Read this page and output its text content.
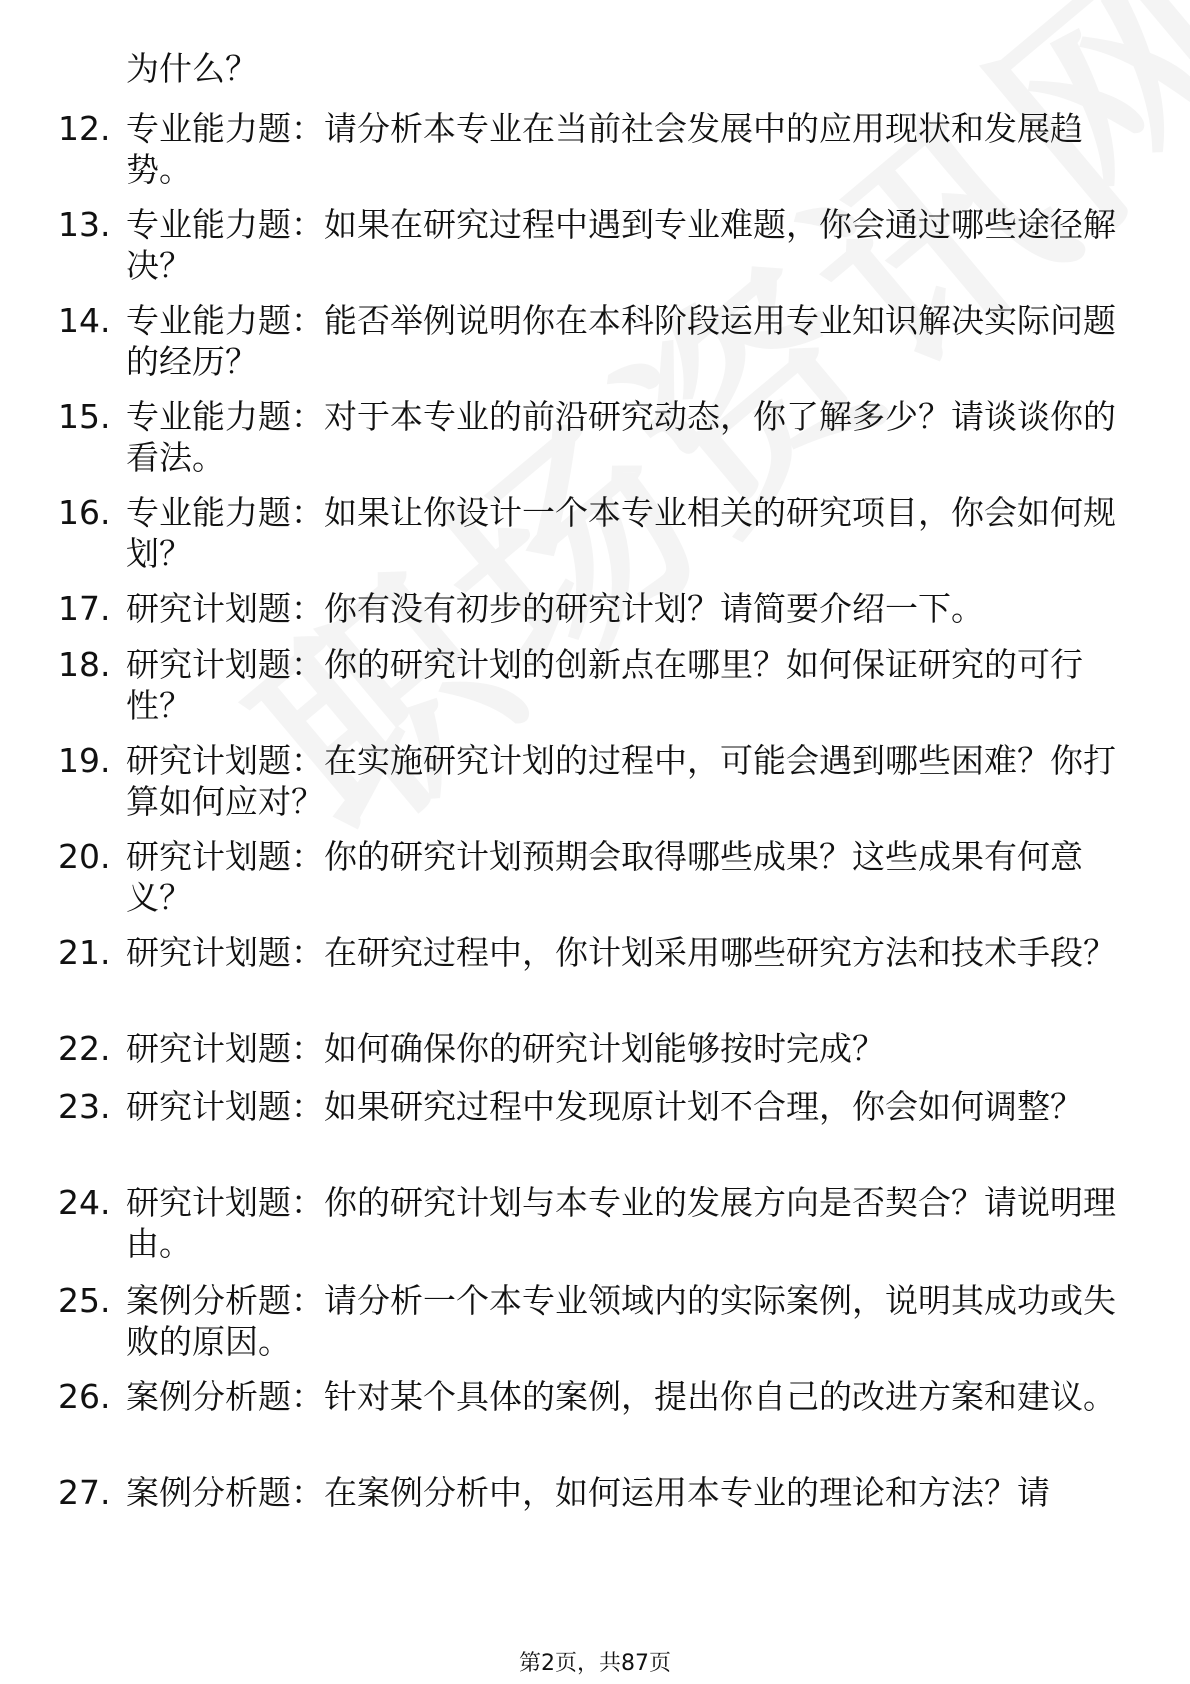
为什么？
12. 专业能力题：请分析本专业在当前社会发展中的应用现状和发展趋势。
13. 专业能力题：如果在研究过程中遇到专业难题，你会通过哪些途径解决？
14. 专业能力题：能否举例说明你在本科阶段运用专业知识解决实际问题的经历？
15. 专业能力题：对于本专业的前沿研究动态，你了解多少？请谈谈你的看法。
16. 专业能力题：如果让你设计一个本专业相关的研究项目，你会如何规划？
17. 研究计划题：你有没有初步的研究计划？请简要介绍一下。
18. 研究计划题：你的研究计划的创新点在哪里？如何保证研究的可行性？
19. 研究计划题：在实施研究计划的过程中，可能会遇到哪些困难？你打算如何应对？
20. 研究计划题：你的研究计划预期会取得哪些成果？这些成果有何意义？
21. 研究计划题：在研究过程中，你计划采用哪些研究方法和技术手段？
22. 研究计划题：如何确保你的研究计划能够按时完成？
23. 研究计划题：如果研究过程中发现原计划不合理，你会如何调整？
24. 研究计划题：你的研究计划与本专业的发展方向是否契合？请说明理由。
25. 案例分析题：请分析一个本专业领域内的实际案例，说明其成功或失败的原因。
26. 案例分析题：针对某个具体的案例，提出你自己的改进方案和建议。
27. 案例分析题：在案例分析中，如何运用本专业的理论和方法？请
第2页，共87页
